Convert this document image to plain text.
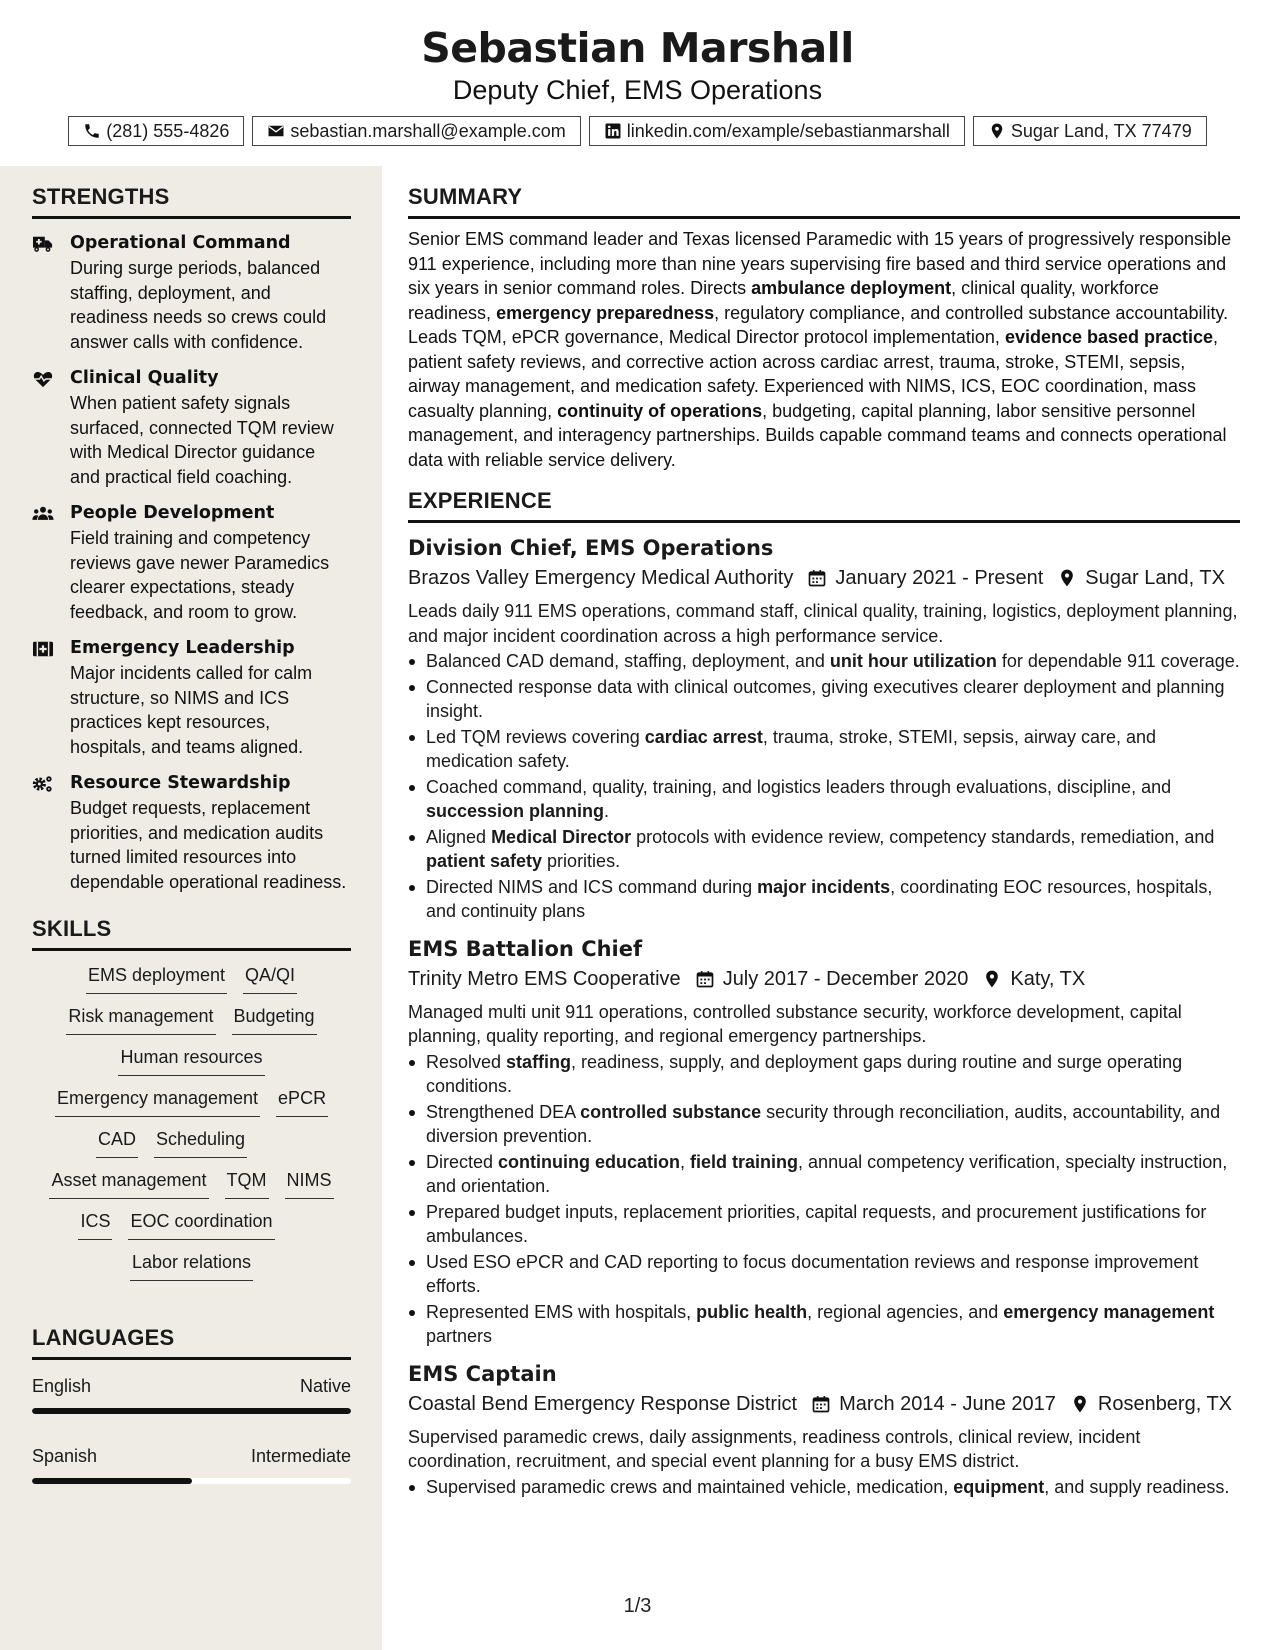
Sebastian Marshall
Deputy Chief, EMS Operations
(281) 555-4826	sebastian.marshall@example.com	linkedin.com/example/sebastianmarshall	Sugar Land, TX 77479
STRENGTHS
Operational Command
During surge periods, balanced staffing, deployment, and readiness needs so crews could answer calls with confidence.
Clinical Quality
When patient safety signals surfaced, connected TQM review with Medical Director guidance and practical field coaching.
People Development
Field training and competency reviews gave newer Paramedics clearer expectations, steady feedback, and room to grow.
Emergency Leadership
Major incidents called for calm structure, so NIMS and ICS practices kept resources, hospitals, and teams aligned.
Resource Stewardship
Budget requests, replacement priorities, and medication audits turned limited resources into dependable operational readiness.
SKILLS
EMS deployment QA/QI
Risk management Budgeting
Human resources
Emergency management ePCR
CAD Scheduling
Asset management TQM NIMS
ICS EOC coordination
Labor relations
LANGUAGES
English	Native
Spanish	Intermediate
SUMMARY
Senior EMS command leader and Texas licensed Paramedic with 15 years of progressively responsible 911 experience, including more than nine years supervising fire based and third service operations and six years in senior command roles. Directs ambulance deployment, clinical quality, workforce readiness, emergency preparedness, regulatory compliance, and controlled substance accountability. Leads TQM, ePCR governance, Medical Director protocol implementation, evidence based practice, patient safety reviews, and corrective action across cardiac arrest, trauma, stroke, STEMI, sepsis, airway management, and medication safety. Experienced with NIMS, ICS, EOC coordination, mass casualty planning, continuity of operations, budgeting, capital planning, labor sensitive personnel management, and interagency partnerships. Builds capable command teams and connects operational data with reliable service delivery.
EXPERIENCE
Division Chief, EMS Operations
Brazos Valley Emergency Medical Authority January 2021 - Present Sugar Land, TX
Leads daily 911 EMS operations, command staff, clinical quality, training, logistics, deployment planning, and major incident coordination across a high performance service.
Balanced CAD demand, staffing, deployment, and unit hour utilization for dependable 911 coverage.
Connected response data with clinical outcomes, giving executives clearer deployment and planning insight.
Led TQM reviews covering cardiac arrest, trauma, stroke, STEMI, sepsis, airway care, and medication safety.
Coached command, quality, training, and logistics leaders through evaluations, discipline, and succession planning.
Aligned Medical Director protocols with evidence review, competency standards, remediation, and patient safety priorities.
Directed NIMS and ICS command during major incidents, coordinating EOC resources, hospitals, and continuity plans
EMS Battalion Chief
Trinity Metro EMS Cooperative July 2017 - December 2020 Katy, TX
Managed multi unit 911 operations, controlled substance security, workforce development, capital planning, quality reporting, and regional emergency partnerships.
Resolved staffing, readiness, supply, and deployment gaps during routine and surge operating conditions.
Strengthened DEA controlled substance security through reconciliation, audits, accountability, and diversion prevention.
Directed continuing education, field training, annual competency verification, specialty instruction, and orientation.
Prepared budget inputs, replacement priorities, capital requests, and procurement justifications for ambulances.
Used ESO ePCR and CAD reporting to focus documentation reviews and response improvement efforts.
Represented EMS with hospitals, public health, regional agencies, and emergency management partners
EMS Captain
Coastal Bend Emergency Response District March 2014 - June 2017 Rosenberg, TX
Supervised paramedic crews, daily assignments, readiness controls, clinical review, incident coordination, recruitment, and special event planning for a busy EMS district.
Supervised paramedic crews and maintained vehicle, medication, equipment, and supply readiness.
1/3
